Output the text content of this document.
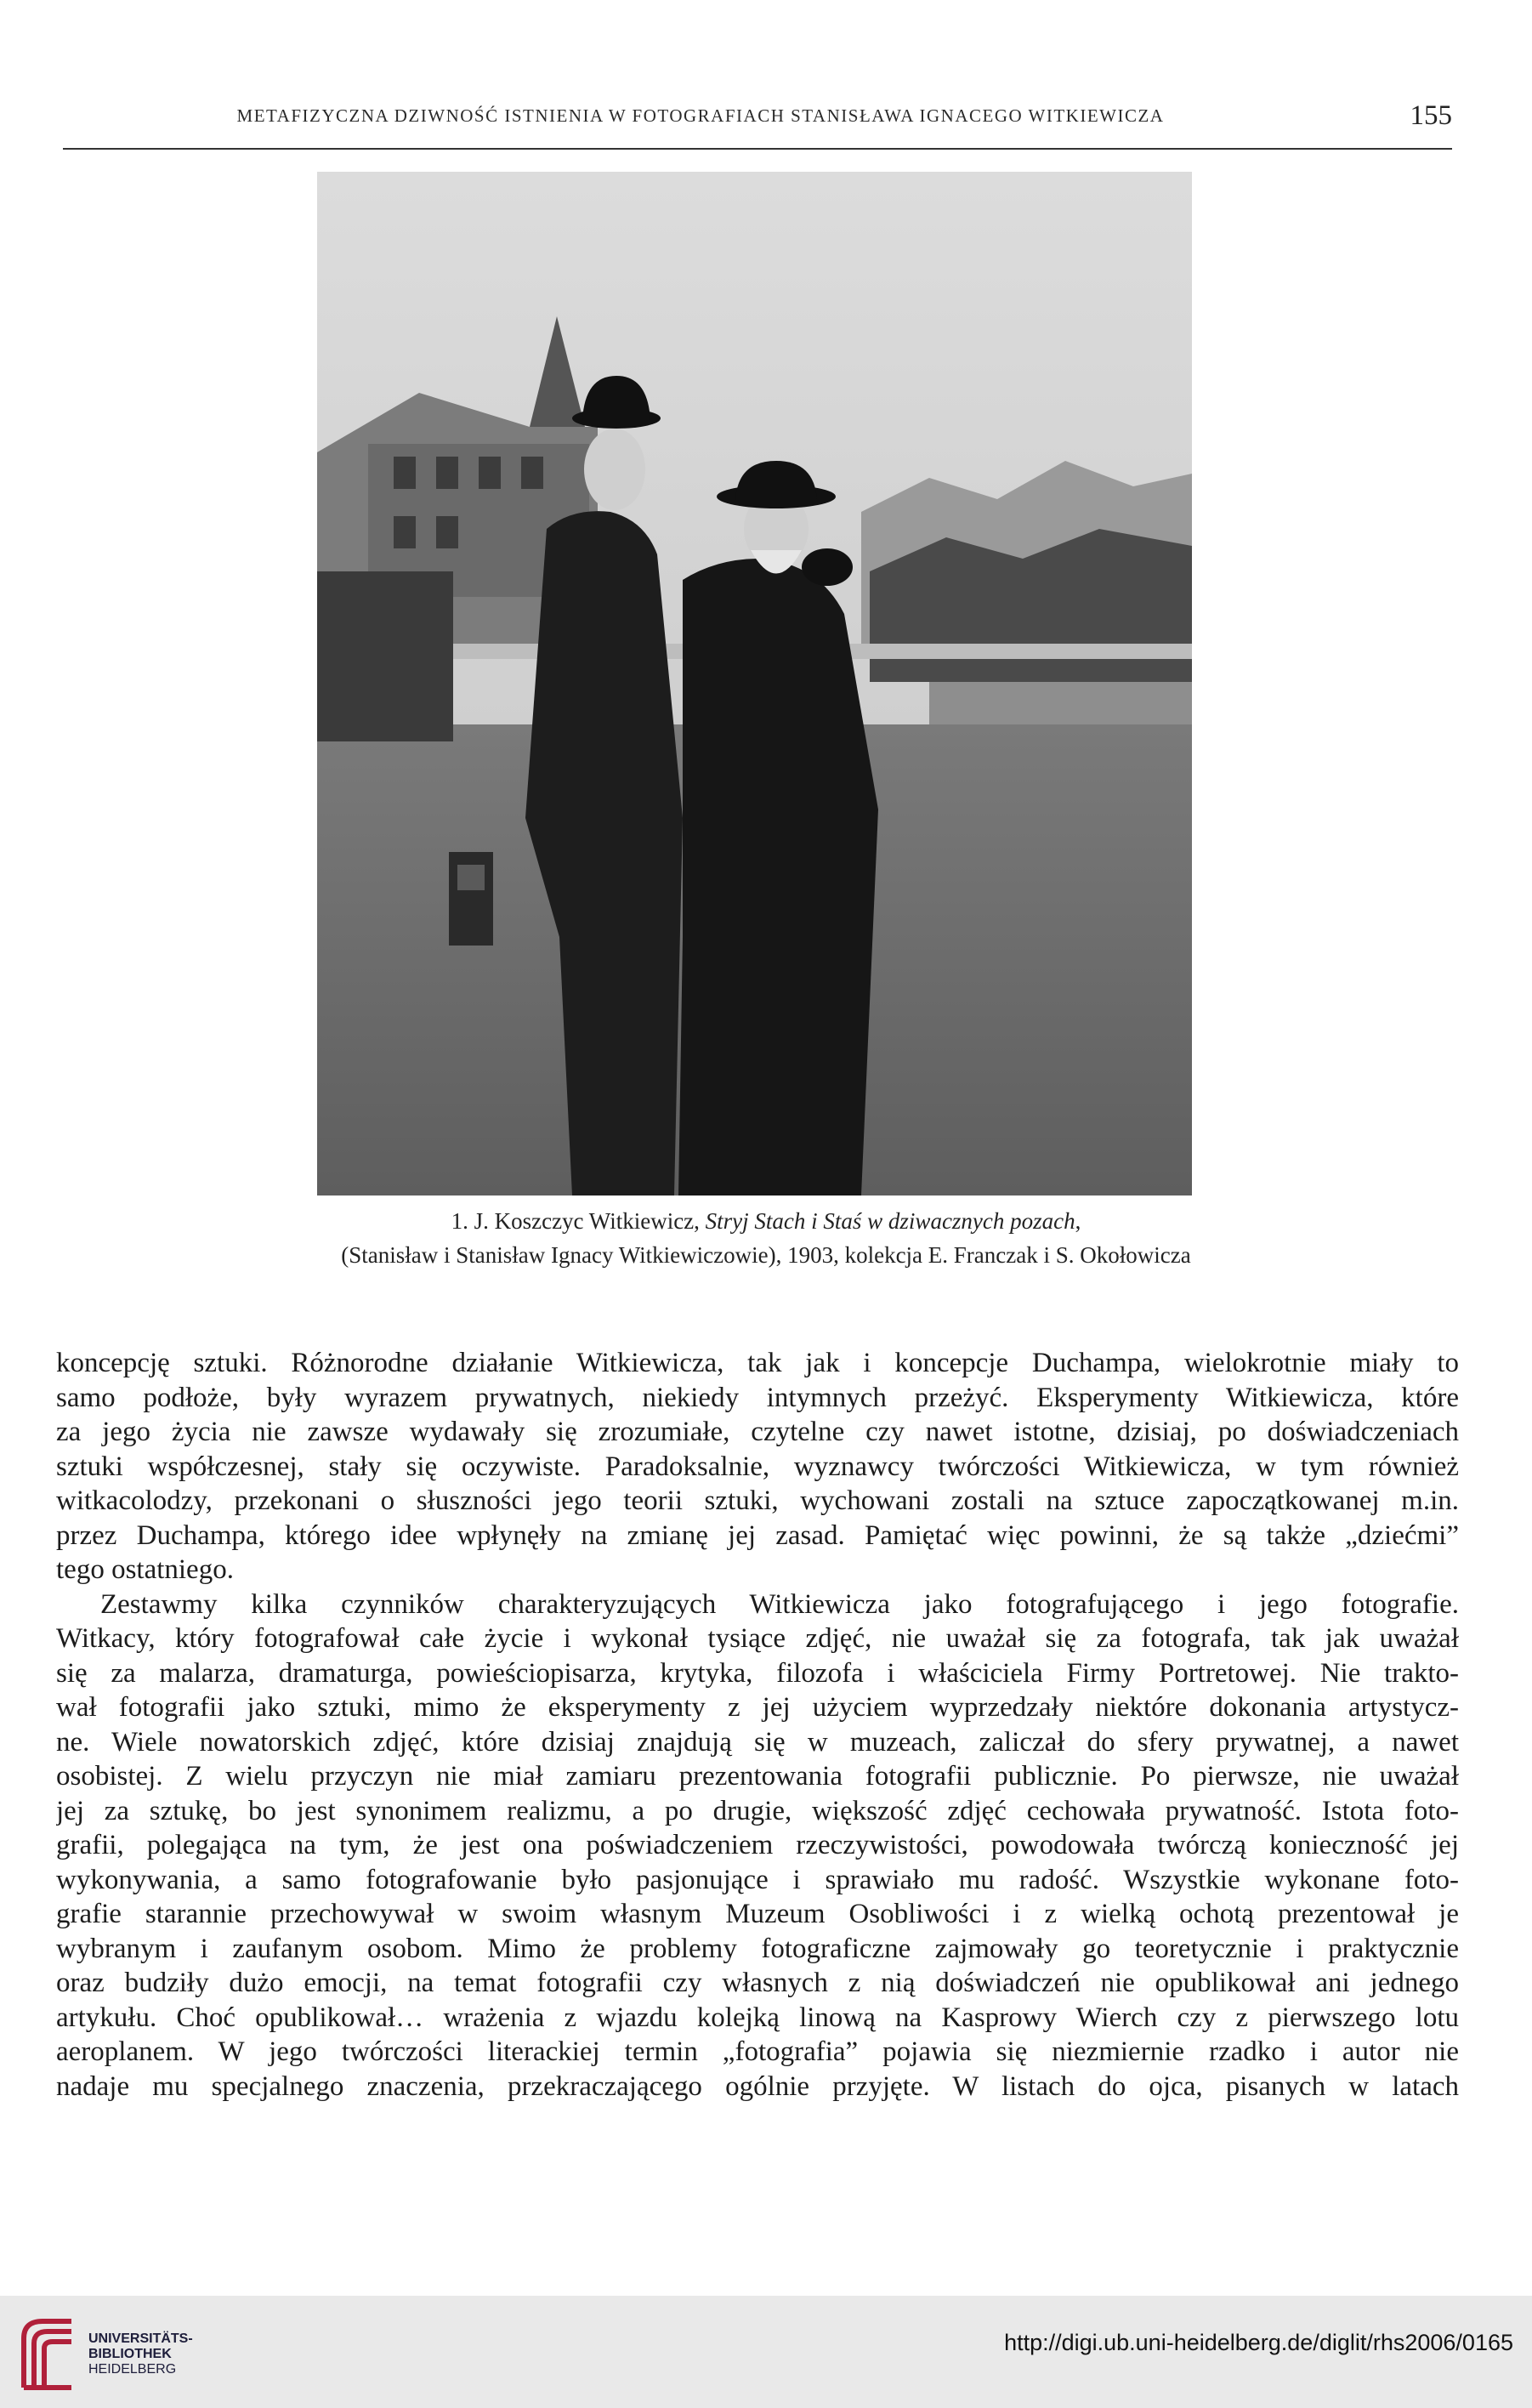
METAFIZYCZNA DZIWNOŚĆ ISTNIENIA W FOTOGRAFIACH STANISŁAWA IGNACEGO WITKIEWICZA	155
1. J. Koszczyc Witkiewicz, Stryj Stach i Staś w dziwacznych pozach,
(Stanisław i Stanisław Ignacy Witkiewiczowie), 1903, kolekcja E. Franczak i S. Okołowicza
koncepcję sztuki. Różnorodne działanie Witkiewicza, tak jak i koncepcje Duchampa, wielokrotnie miały to
samo podłoże, były wyrazem prywatnych, niekiedy intymnych przeżyć. Eksperymenty Witkiewicza, które
za jego życia nie zawsze wydawały się zrozumiałe, czytelne czy nawet istotne, dzisiaj, po doświadczeniach
sztuki współczesnej, stały się oczywiste. Paradoksalnie, wyznawcy twórczości Witkiewicza, w tym również
witkacolodzy, przekonani o słuszności jego teorii sztuki, wychowani zostali na sztuce zapoczątkowanej m.in.
przez Duchampa, którego idee wpłynęły na zmianę jej zasad. Pamiętać więc powinni, że są także „dziećmi”
tego ostatniego.
Zestawmy kilka czynników charakteryzujących Witkiewicza jako fotografującego i jego fotografie.
Witkacy, który fotografował całe życie i wykonał tysiące zdjęć, nie uważał się za fotografa, tak jak uważał
się za malarza, dramaturga, powieściopisarza, krytyka, filozofa i właściciela Firmy Portretowej. Nie trakto-
wał fotografii jako sztuki, mimo że eksperymenty z jej użyciem wyprzedzały niektóre dokonania artystycz-
ne. Wiele nowatorskich zdjęć, które dzisiaj znajdują się w muzeach, zaliczał do sfery prywatnej, a nawet
osobistej. Z wielu przyczyn nie miał zamiaru prezentowania fotografii publicznie. Po pierwsze, nie uważał
jej za sztukę, bo jest synonimem realizmu, a po drugie, większość zdjęć cechowała prywatność. Istota foto-
grafii, polegająca na tym, że jest ona poświadczeniem rzeczywistości, powodowała twórczą konieczność jej
wykonywania, a samo fotografowanie było pasjonujące i sprawiało mu radość. Wszystkie wykonane foto-
grafie starannie przechowywał w swoim własnym Muzeum Osobliwości i z wielką ochotą prezentował je
wybranym i zaufanym osobom. Mimo że problemy fotograficzne zajmowały go teoretycznie i praktycznie
oraz budziły dużo emocji, na temat fotografii czy własnych z nią doświadczeń nie opublikował ani jednego
artykułu. Choć opublikował… wrażenia z wjazdu kolejką linową na Kasprowy Wierch czy z pierwszego lotu
aeroplanem. W jego twórczości literackiej termin „fotografia” pojawia się niezmiernie rzadko i autor nie
nadaje mu specjalnego znaczenia, przekraczającego ogólnie przyjęte. W listach do ojca, pisanych w latach
UNIVERSITÄTS-
BIBLIOTHEK
HEIDELBERG
http://digi.ub.uni-heidelberg.de/diglit/rhs2006/0165
